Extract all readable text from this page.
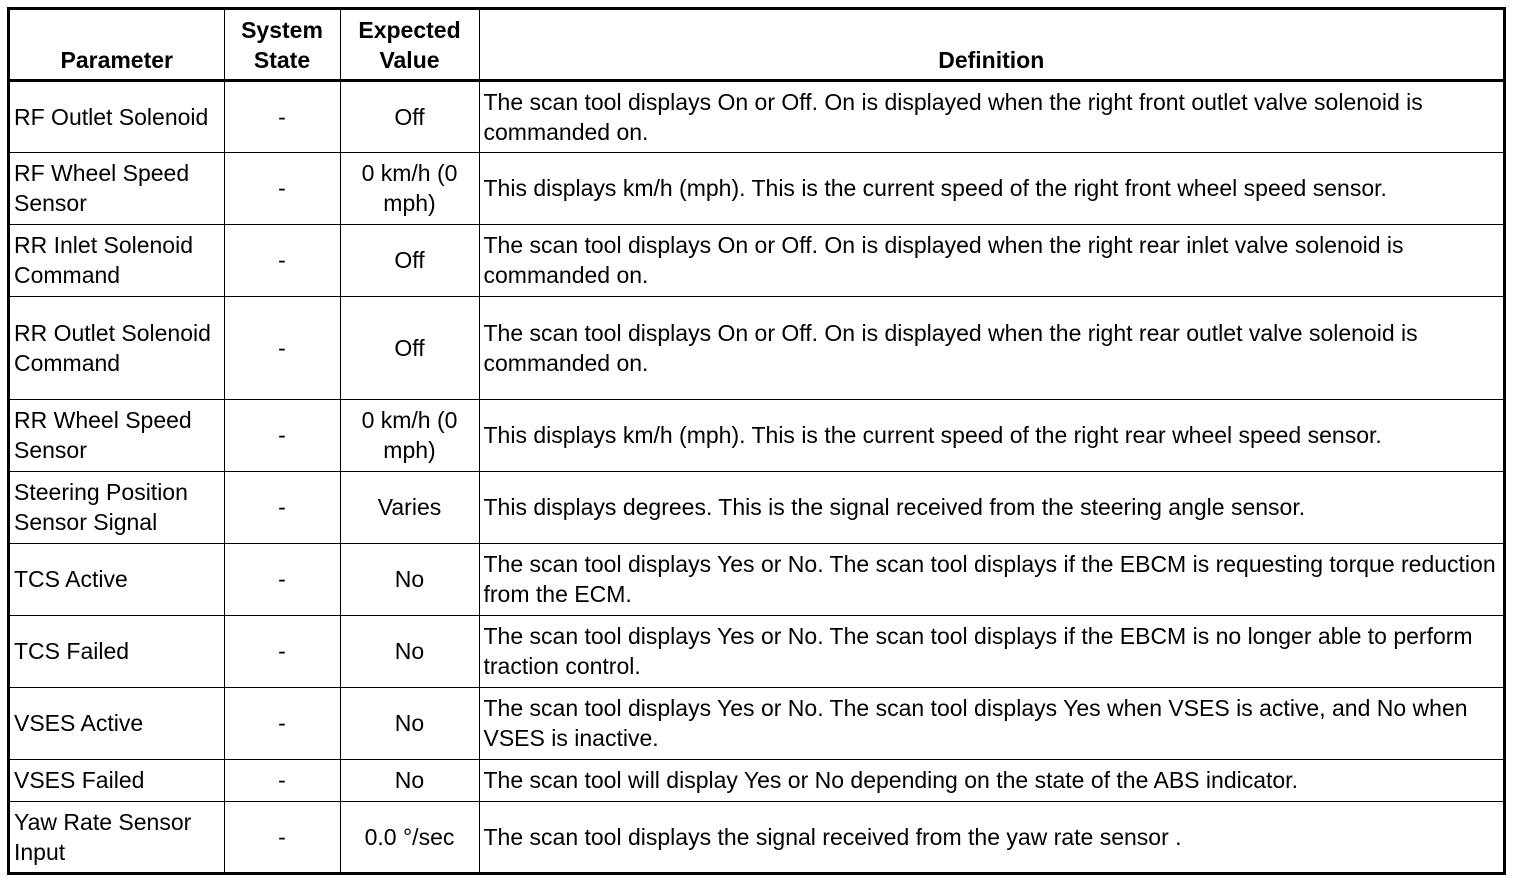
Parameter	System State	Expected Value	Definition
RF Outlet Solenoid	-	Off	The scan tool displays On or Off. On is displayed when the right front outlet valve solenoid is commanded on.
RF Wheel Speed Sensor	-	0 km/h (0 mph)	This displays km/h (mph). This is the current speed of the right front wheel speed sensor.
RR Inlet Solenoid Command	-	Off	The scan tool displays On or Off. On is displayed when the right rear inlet valve solenoid is commanded on.
RR Outlet Solenoid Command	-	Off	The scan tool displays On or Off. On is displayed when the right rear outlet valve solenoid is commanded on.
RR Wheel Speed Sensor	-	0 km/h (0 mph)	This displays km/h (mph). This is the current speed of the right rear wheel speed sensor.
Steering Position Sensor Signal	-	Varies	This displays degrees. This is the signal received from the steering angle sensor.
TCS Active	-	No	The scan tool displays Yes or No. The scan tool displays if the EBCM is requesting torque reduction from the ECM.
TCS Failed	-	No	The scan tool displays Yes or No. The scan tool displays if the EBCM is no longer able to perform traction control.
VSES Active	-	No	The scan tool displays Yes or No. The scan tool displays Yes when VSES is active, and No when VSES is inactive.
VSES Failed	-	No	The scan tool will display Yes or No depending on the state of the ABS indicator.
Yaw Rate Sensor Input	-	0.0 °/sec	The scan tool displays the signal received from the yaw rate sensor .
